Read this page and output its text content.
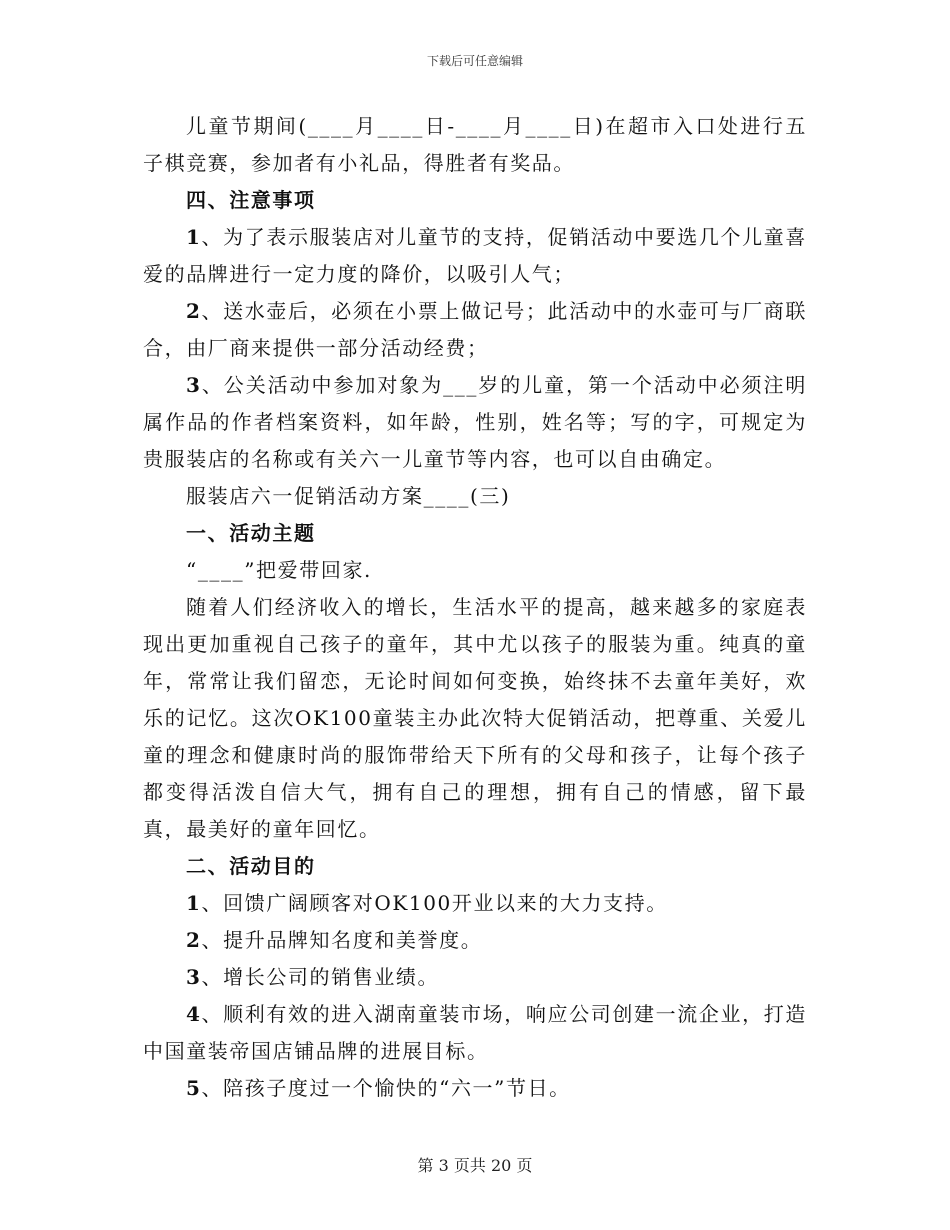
下载后可任意编辑

儿童节期间(____月____日-____月____日)在超市入口处进行五子棋竞赛，参加者有小礼品，得胜者有奖品。

四、注意事项

1、为了表示服装店对儿童节的支持，促销活动中要选几个儿童喜爱的品牌进行一定力度的降价，以吸引人气；

2、送水壶后，必须在小票上做记号；此活动中的水壶可与厂商联合，由厂商来提供一部分活动经费；

3、公关活动中参加对象为___岁的儿童，第一个活动中必须注明属作品的作者档案资料，如年龄，性别，姓名等；写的字，可规定为贵服装店的名称或有关六一儿童节等内容，也可以自由确定。

服装店六一促销活动方案____(三)

一、活动主题

“____”把爱带回家.

随着人们经济收入的增长，生活水平的提高，越来越多的家庭表现出更加重视自己孩子的童年，其中尤以孩子的服装为重。纯真的童年，常常让我们留恋，无论时间如何变换，始终抹不去童年美好，欢乐的记忆。这次OK100童装主办此次特大促销活动，把尊重、关爱儿童的理念和健康时尚的服饰带给天下所有的父母和孩子，让每个孩子都变得活泼自信大气，拥有自己的理想，拥有自己的情感，留下最真，最美好的童年回忆。

二、活动目的

1、回馈广阔顾客对OK100开业以来的大力支持。

2、提升品牌知名度和美誉度。

3、增长公司的销售业绩。

4、顺利有效的进入湖南童装市场，响应公司创建一流企业，打造中国童装帝国店铺品牌的进展目标。

5、陪孩子度过一个愉快的“六一”节日。

第 3 页共 20 页
